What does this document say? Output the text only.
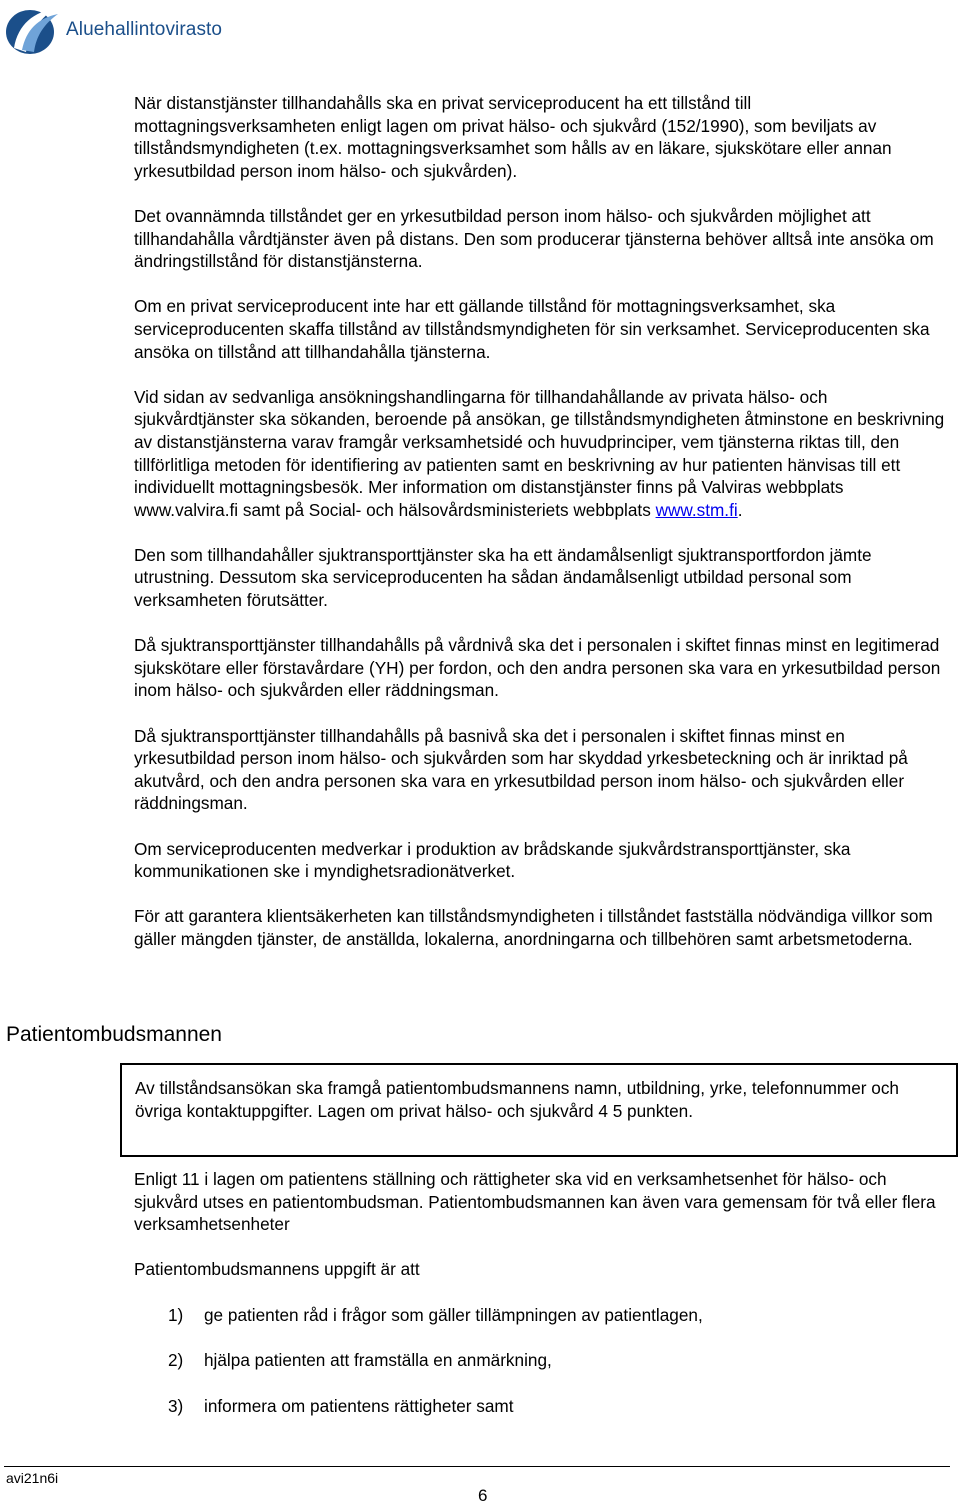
Aluehallintovirasto

När distanstjänster tillhandahålls ska en privat serviceproducent ha ett tillstånd till mottagningsverksamheten enligt lagen om privat hälso- och sjukvård (152/1990), som beviljats av tillståndsmyndigheten (t.ex. mottagningsverksamhet som hålls av en läkare, sjukskötare eller annan yrkesutbildad person inom hälso- och sjukvården).

Det ovannämnda tillståndet ger en yrkesutbildad person inom hälso- och sjukvården möjlighet att tillhandahålla vårdtjänster även på distans. Den som producerar tjänsterna behöver alltså inte ansöka om ändringstillstånd för distanstjänsterna.

Om en privat serviceproducent inte har ett gällande tillstånd för mottagningsverksamhet, ska serviceproducenten skaffa tillstånd av tillståndsmyndigheten för sin verksamhet. Serviceproducenten ska ansöka on tillstånd att tillhandahålla tjänsterna.

Vid sidan av sedvanliga ansökningshandlingarna för tillhandahållande av privata hälso- och sjukvårdtjänster ska sökanden, beroende på ansökan, ge tillståndsmyndigheten åtminstone en beskrivning av distanstjänsterna varav framgår verksamhetsidé och huvudprinciper, vem tjänsterna riktas till, den tillförlitliga metoden för identifiering av patienten samt en beskrivning av hur patienten hänvisas till ett individuellt mottagningsbesök. Mer information om distanstjänster finns på Valviras webbplats www.valvira.fi samt på Social- och hälsovårdsministeriets webbplats www.stm.fi.

Den som tillhandahåller sjuktransporttjänster ska ha ett ändamålsenligt sjuktransportfordon jämte utrustning. Dessutom ska serviceproducenten ha sådan ändamålsenligt utbildad personal som verksamheten förutsätter.

Då sjuktransporttjänster tillhandahålls på vårdnivå ska det i personalen i skiftet finnas minst en legitimerad sjukskötare eller förstavårdare (YH) per fordon, och den andra personen ska vara en yrkesutbildad person inom hälso- och sjukvården eller räddningsman.

Då sjuktransporttjänster tillhandahålls på basnivå ska det i personalen i skiftet finnas minst en yrkesutbildad person inom hälso- och sjukvården som har skyddad yrkesbeteckning och är inriktad på akutvård, och den andra personen ska vara en yrkesutbildad person inom hälso- och sjukvården eller räddningsman.

Om serviceproducenten medverkar i produktion av brådskande sjukvårdstransporttjänster, ska kommunikationen ske i myndighetsradionätverket.

För att garantera klientsäkerheten kan tillståndsmyndigheten i tillståndet fastställa nödvändiga villkor som gäller mängden tjänster, de anställda, lokalerna, anordningarna och tillbehören samt arbetsmetoderna.

Patientombudsmannen
Av tillståndsansökan ska framgå patientombudsmannens namn, utbildning, yrke, telefonnummer och övriga kontaktuppgifter. Lagen om privat hälso- och sjukvård 4 5 punkten.

Enligt 11 i lagen om patientens ställning och rättigheter ska vid en verksamhetsenhet för hälso- och sjukvård utses en patientombudsman. Patientombudsmannen kan även vara gemensam för två eller flera verksamhetsenheter

Patientombudsmannens uppgift är att

1)	ge patienten råd i frågor som gäller tillämpningen av patientlagen,
2)	hjälpa patienten att framställa en anmärkning,
3)	informera om patientens rättigheter samt
avi21n6i
6
